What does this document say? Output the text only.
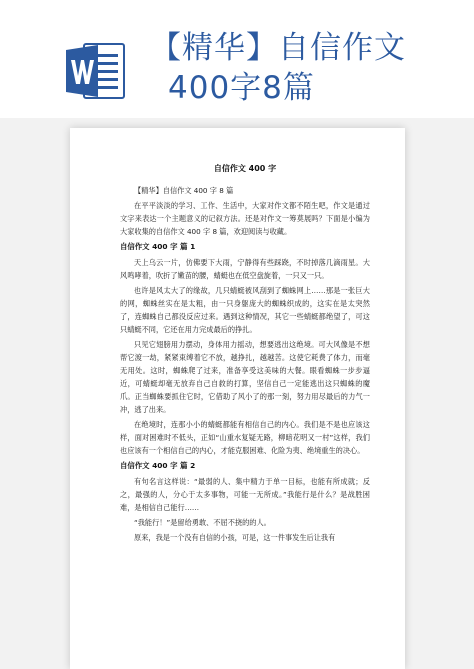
【精华】自信作文
400字8篇
自信作文 400 字

【精华】自信作文 400 字 8 篇

在平平淡淡的学习、工作、生活中，大家对作文都不陌生吧，作文是通过文字来表达一个主题意义的记叙方法。还是对作文一筹莫展吗？下面是小编为大家收集的自信作文 400 字 8 篇，欢迎阅读与收藏。

自信作文 400 字 篇 1

天上乌云一片，仿佛要下大雨，宁静得有些踩跷，不时掉落几滴雨星。大风鸣哮着，吹折了嫩苗的腰，蜻蜓也在低空盘旋着，一只又一只。

也许是风太大了的缘故，几只蜻蜓被风刮到了蜘蛛网上……那是一张巨大的网，蜘蛛丝实在是太粗，由一只身躯庞大的蜘蛛织成的，这实在是太突然了，连蜘蛛自己都没反应过来。遇到这种情况，其它一些蜻蜓都绝望了，可这只蜻蜓不同，它还在用力完成最后的挣扎。

只见它翅膀用力摆动，身体用力摇动，想要逃出这绝境。可大风像是不想帮它渡一劫，紧紧束缚着它不放，越挣扎，越越苦。这使它耗费了体力，而毫无用处。这时，蜘蛛爬了过来，准备享受这美味的大餐。眼看蜘蛛一步步逼近，可蜻蜓却毫无放弃自己自救的打算，坚信自己一定能逃出这只蜘蛛的魔爪。正当蜘蛛要抓住它时，它借助了风小了的那一刻，努力用尽最后的力气一冲，逃了出来。

在绝境时，连那小小的蜻蜓都能有相信自己的内心。我们是不是也应该这样，面对困难时不低头，正如“山重水复疑无路，柳暗花明又一村”这样，我们也应该有一个相信自己的内心，才能克服困难、化险为夷、绝境重生的决心。

自信作文 400 字 篇 2

有句名言这样说：“最弱的人、集中精力于单一目标，也能有所成就；反之，最强的人，分心于太多事物，可能一无所成。”我能行是什么？是战胜困难，是相信自己能行……

“我能行！”是留给勇敢、不屈不挠的的人。

原来，我是一个没有自信的小孩，可是，这一件事发生后让我有
